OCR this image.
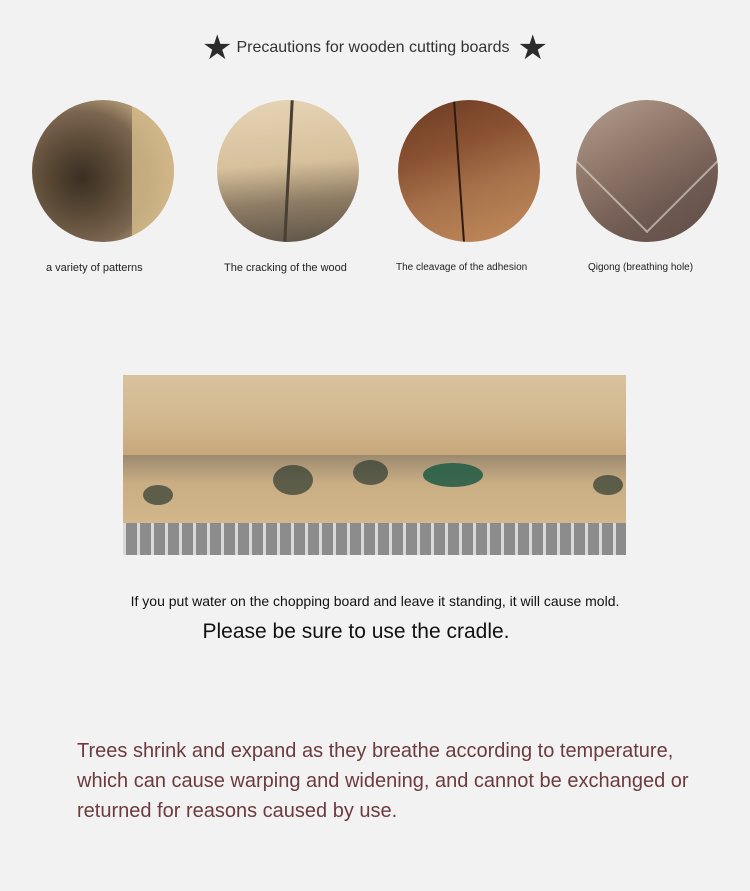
★ Precautions for wooden cutting boards ★
a variety of patterns	The cracking of the wood	The cleavage of the adhesion	Qigong (breathing hole)

If you put water on the chopping board and leave it standing, it will cause mold.

Please be sure to use the cradle.

Trees shrink and expand as they breathe according to temperature, which can cause warping and widening, and cannot be exchanged or returned for reasons caused by use.
